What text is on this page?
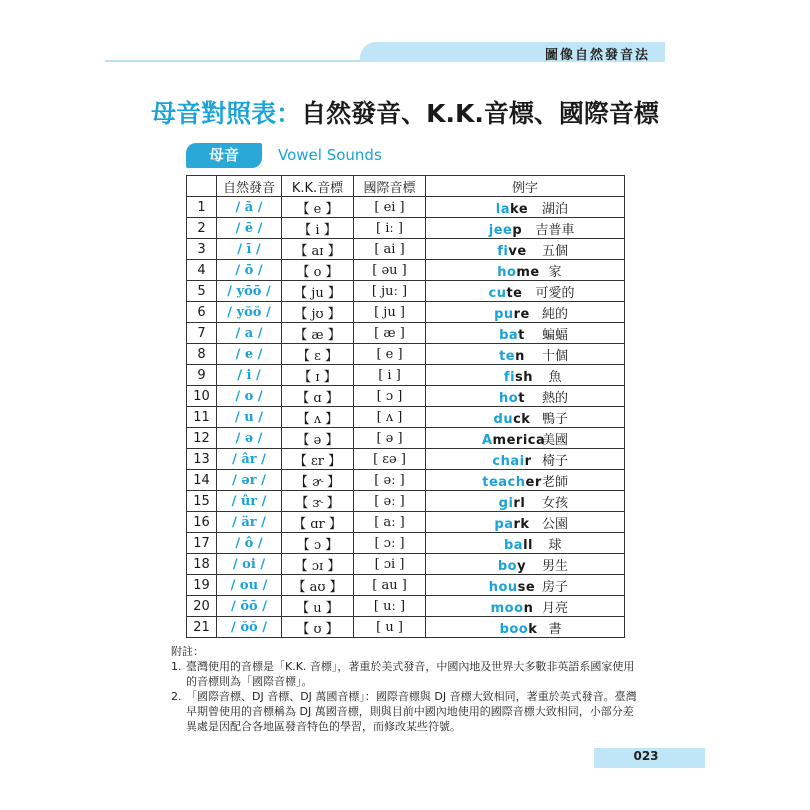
圖像自然發音法
母音對照表：自然發音、K.K.音標、國際音標
母音	Vowel Sounds
	自然發音	K.K.音標	國際音標	例字
1	/ ā /	【 e 】	[ ei ]	lake 湖泊
2	/ ē /	【 i 】	[ iː ]	jeep 吉普車
3	/ ī /	【 aɪ 】	[ ai ]	five 五個
4	/ ō /	【 o 】	[ əu ]	home 家
5	/ yōō /	【 ju 】	[ juː ]	cute 可愛的
6	/ yŏŏ /	【 jʊ 】	[ ju ]	pure 純的
7	/ a /	【 æ 】	[ æ ]	bat 蝙蝠
8	/ e /	【 ɛ 】	[ e ]	ten 十個
9	/ i /	【 ɪ 】	[ i ]	fish 魚
10	/ o /	【 ɑ 】	[ ɔ ]	hot 熱的
11	/ u /	【 ʌ 】	[ ʌ ]	duck 鴨子
12	/ ə /	【 ə 】	[ ə ]	America美國
13	/ âr /	【 ɛr 】	[ ɛə ]	chair 椅子
14	/ ər /	【 ɚ 】	[ əː ]	teacher老師
15	/ ûr /	【 ɝ 】	[ əː ]	girl 女孩
16	/ är /	【 ɑr 】	[ aː ]	park 公園
17	/ ô /	【 ɔ 】	[ ɔː ]	ball 球
18	/ oi /	【 ɔɪ 】	[ ɔi ]	boy 男生
19	/ ou /	【 aʊ 】	[ au ]	house 房子
20	/ ōō /	【 u 】	[ uː ]	moon 月亮
21	/ ŏŏ /	【 ʊ 】	[ u ]	book 書
附註：
1. 臺灣使用的音標是「K.K. 音標」，著重於美式發音，中國內地及世界大多數非英語系國家使用的音標則為「國際音標」。
2. 「國際音標、DJ 音標、DJ 萬國音標」：國際音標與 DJ 音標大致相同，著重於英式發音。臺灣早期曾使用的音標稱為 DJ 萬國音標，則與目前中國內地使用的國際音標大致相同，小部分差異處是因配合各地區發音特色的學習，而修改某些符號。
023
